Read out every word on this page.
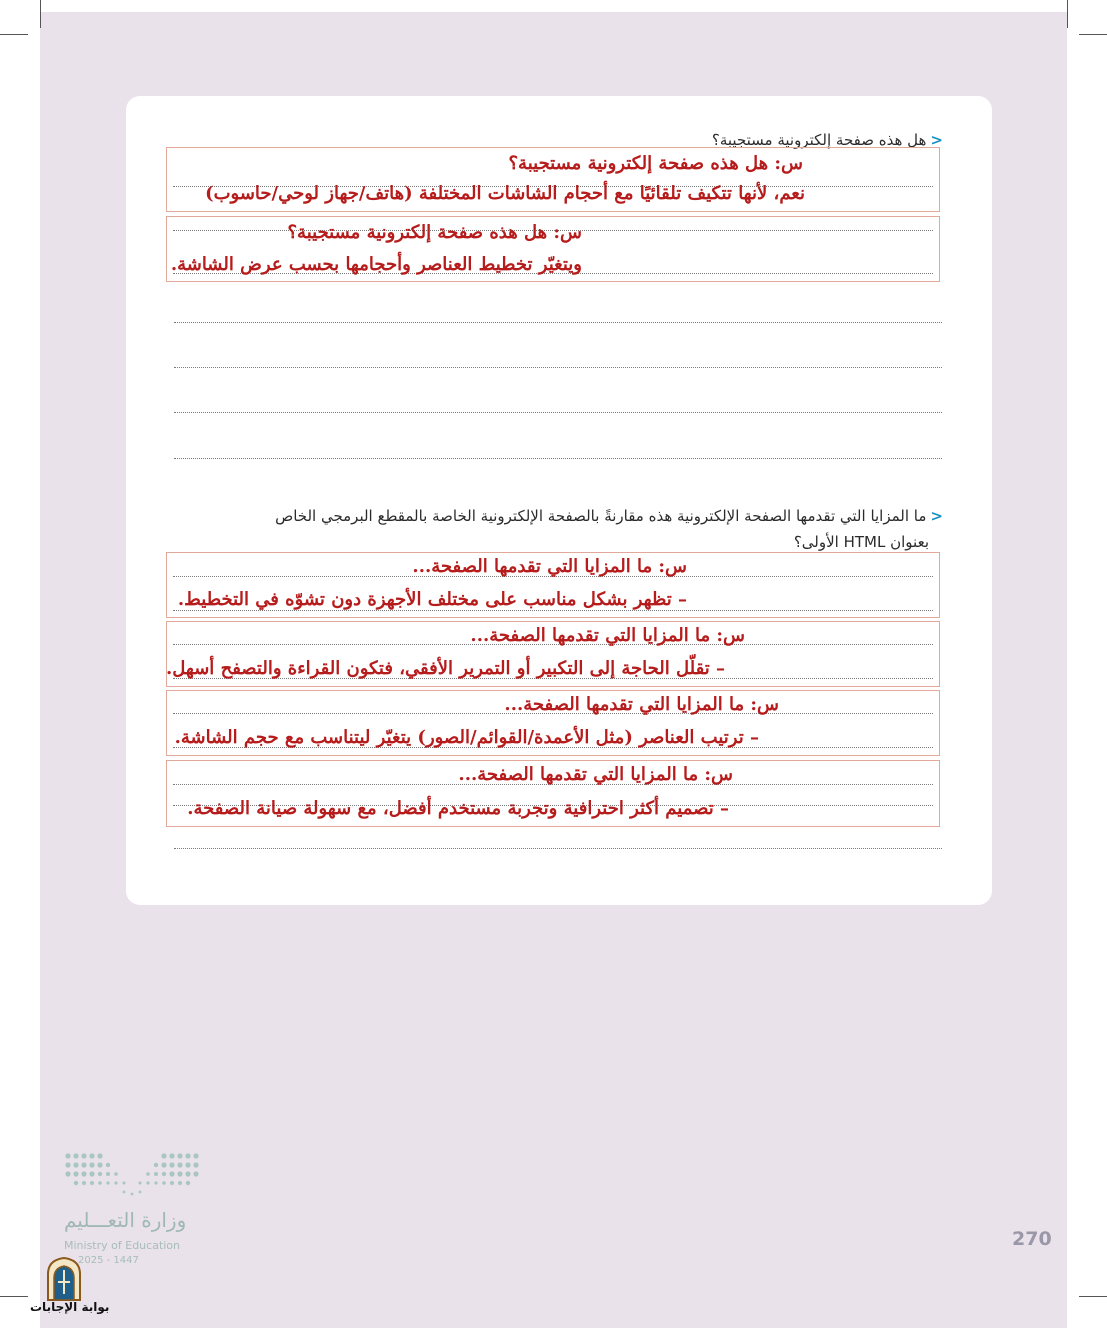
<هل هذه صفحة إلكترونية مستجيبة؟
س: هل هذه صفحة إلكترونية مستجيبة؟
نعم، لأنها تتكيف تلقائيًا مع أحجام الشاشات المختلفة (هاتف/جهاز لوحي/حاسوب)
س: هل هذه صفحة إلكترونية مستجيبة؟
ويتغيّر تخطيط العناصر وأحجامها بحسب عرض الشاشة.
<ما المزايا التي تقدمها الصفحة الإلكترونية هذه مقارنةً بالصفحة الإلكترونية الخاصة بالمقطع البرمجي الخاص
بعنوان HTML الأولى؟
س: ما المزايا التي تقدمها الصفحة...
– تظهر بشكل مناسب على مختلف الأجهزة دون تشوّه في التخطيط.
س: ما المزايا التي تقدمها الصفحة...
– تقلّل الحاجة إلى التكبير أو التمرير الأفقي، فتكون القراءة والتصفح أسهل.
س: ما المزايا التي تقدمها الصفحة...
– ترتيب العناصر (مثل الأعمدة/القوائم/الصور) يتغيّر ليتناسب مع حجم الشاشة.
س: ما المزايا التي تقدمها الصفحة...
– تصميم أكثر احترافية وتجربة مستخدم أفضل، مع سهولة صيانة الصفحة.
وزارة التعـــليم
Ministry of Education
2025 - 1447
270
بوابة الإجابات
